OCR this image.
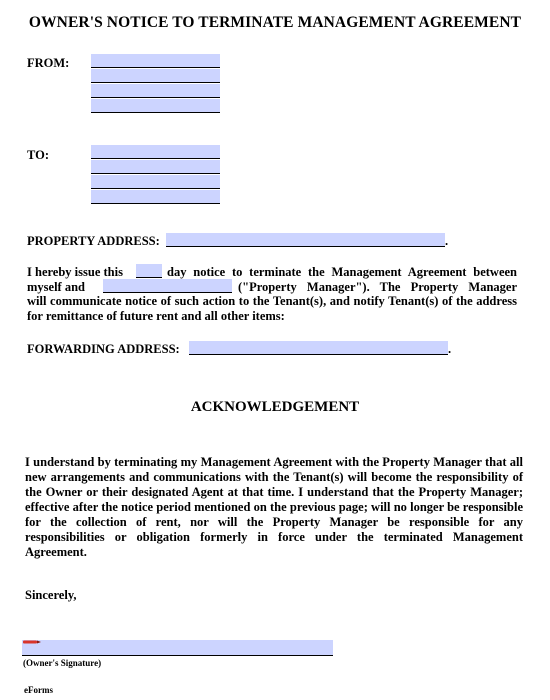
OWNER'S NOTICE TO TERMINATE MANAGEMENT AGREEMENT
FROM:
TO:
PROPERTY ADDRESS:	.
I hereby issue this	day notice to terminate the Management Agreement between
myself and	("Property Manager"). The Property Manager
will communicate notice of such action to the Tenant(s), and notify Tenant(s) of the address for remittance of future rent and all other items:
FORWARDING ADDRESS:	.
ACKNOWLEDGEMENT
I understand by terminating my Management Agreement with the Property Manager that all new arrangements and communications with the Tenant(s) will become the responsibility of the Owner or their designated Agent at that time. I understand that the Property Manager; effective after the notice period mentioned on the previous page; will no longer be responsible for the collection of rent, nor will the Property Manager be responsible for any responsibilities or obligation formerly in force under the terminated Management Agreement.
Sincerely,
(Owner's Signature)
eForms
